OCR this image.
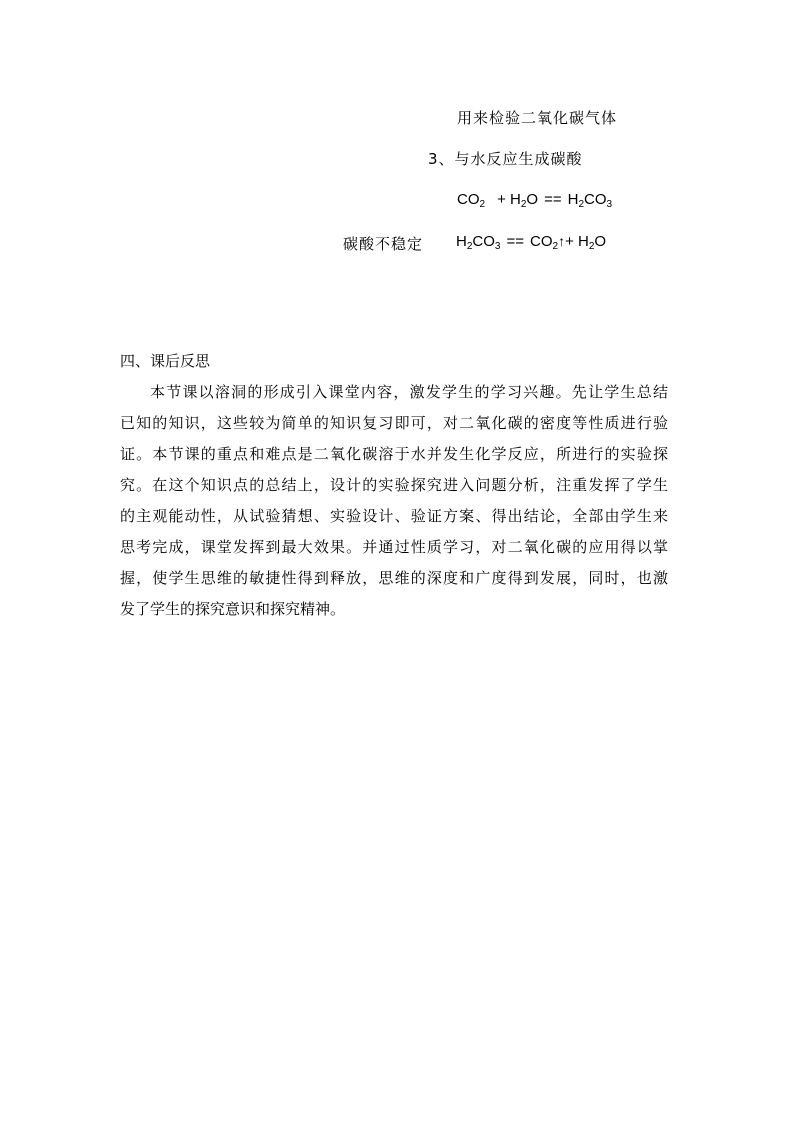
用来检验二氧化碳气体
3、与水反应生成碳酸
$CO_2 + H_2O == H_2CO_3$
碳酸不稳定 $H_2CO_3$ == $CO_2↑+ H_2O$
四、课后反思
本节课以溶洞的形成引入课堂内容，激发学生的学习兴趣。先让学生总结
已知的知识，这些较为简单的知识复习即可，对二氧化碳的密度等性质进行验
证。本节课的重点和难点是二氧化碳溶于水并发生化学反应，所进行的实验探
究。在这个知识点的总结上，设计的实验探究进入问题分析，注重发挥了学生
的主观能动性，从试验猜想、实验设计、验证方案、得出结论，全部由学生来
思考完成，课堂发挥到最大效果。并通过性质学习，对二氧化碳的应用得以掌
握，使学生思维的敏捷性得到释放，思维的深度和广度得到发展，同时，也激
发了学生的探究意识和探究精神。
